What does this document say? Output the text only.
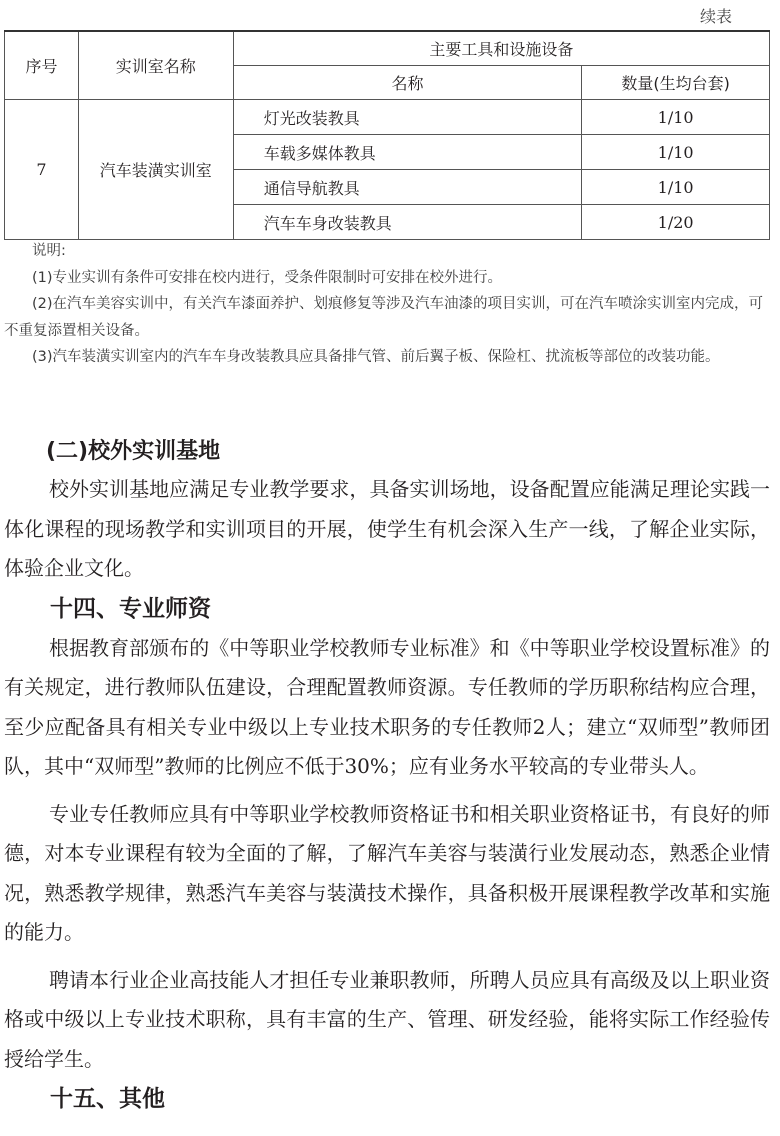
续表
序号	实训室名称	主要工具和设施设备	
		名称	数量(生均台套)
7	汽车装潢实训室	灯光改装教具	1/10
		车载多媒体教具	1/10
		通信导航教具	1/10
		汽车车身改装教具	1/20

说明:

(1)专业实训有条件可安排在校内进行，受条件限制时可安排在校外进行。

(2)在汽车美容实训中，有关汽车漆面养护、划痕修复等涉及汽车油漆的项目实训，可在汽车喷涂实训室内完成，可不重复添置相关设备。

(3)汽车装潢实训室内的汽车车身改装教具应具备排气管、前后翼子板、保险杠、扰流板等部位的改装功能。

(二)校外实训基地

校外实训基地应满足专业教学要求，具备实训场地，设备配置应能满足理论实践一体化课程的现场教学和实训项目的开展，使学生有机会深入生产一线，了解企业实际，体验企业文化。

十四、专业师资

根据教育部颁布的《中等职业学校教师专业标准》和《中等职业学校设置标准》的有关规定，进行教师队伍建设，合理配置教师资源。专任教师的学历职称结构应合理，至少应配备具有相关专业中级以上专业技术职务的专任教师2人；建立“双师型”教师团队，其中“双师型”教师的比例应不低于30%；应有业务水平较高的专业带头人。

专业专任教师应具有中等职业学校教师资格证书和相关职业资格证书，有良好的师德，对本专业课程有较为全面的了解，了解汽车美容与装潢行业发展动态，熟悉企业情况，熟悉教学规律，熟悉汽车美容与装潢技术操作，具备积极开展课程教学改革和实施的能力。

聘请本行业企业高技能人才担任专业兼职教师，所聘人员应具有高级及以上职业资格或中级以上专业技术职称，具有丰富的生产、管理、研发经验，能将实际工作经验传授给学生。

十五、其他
